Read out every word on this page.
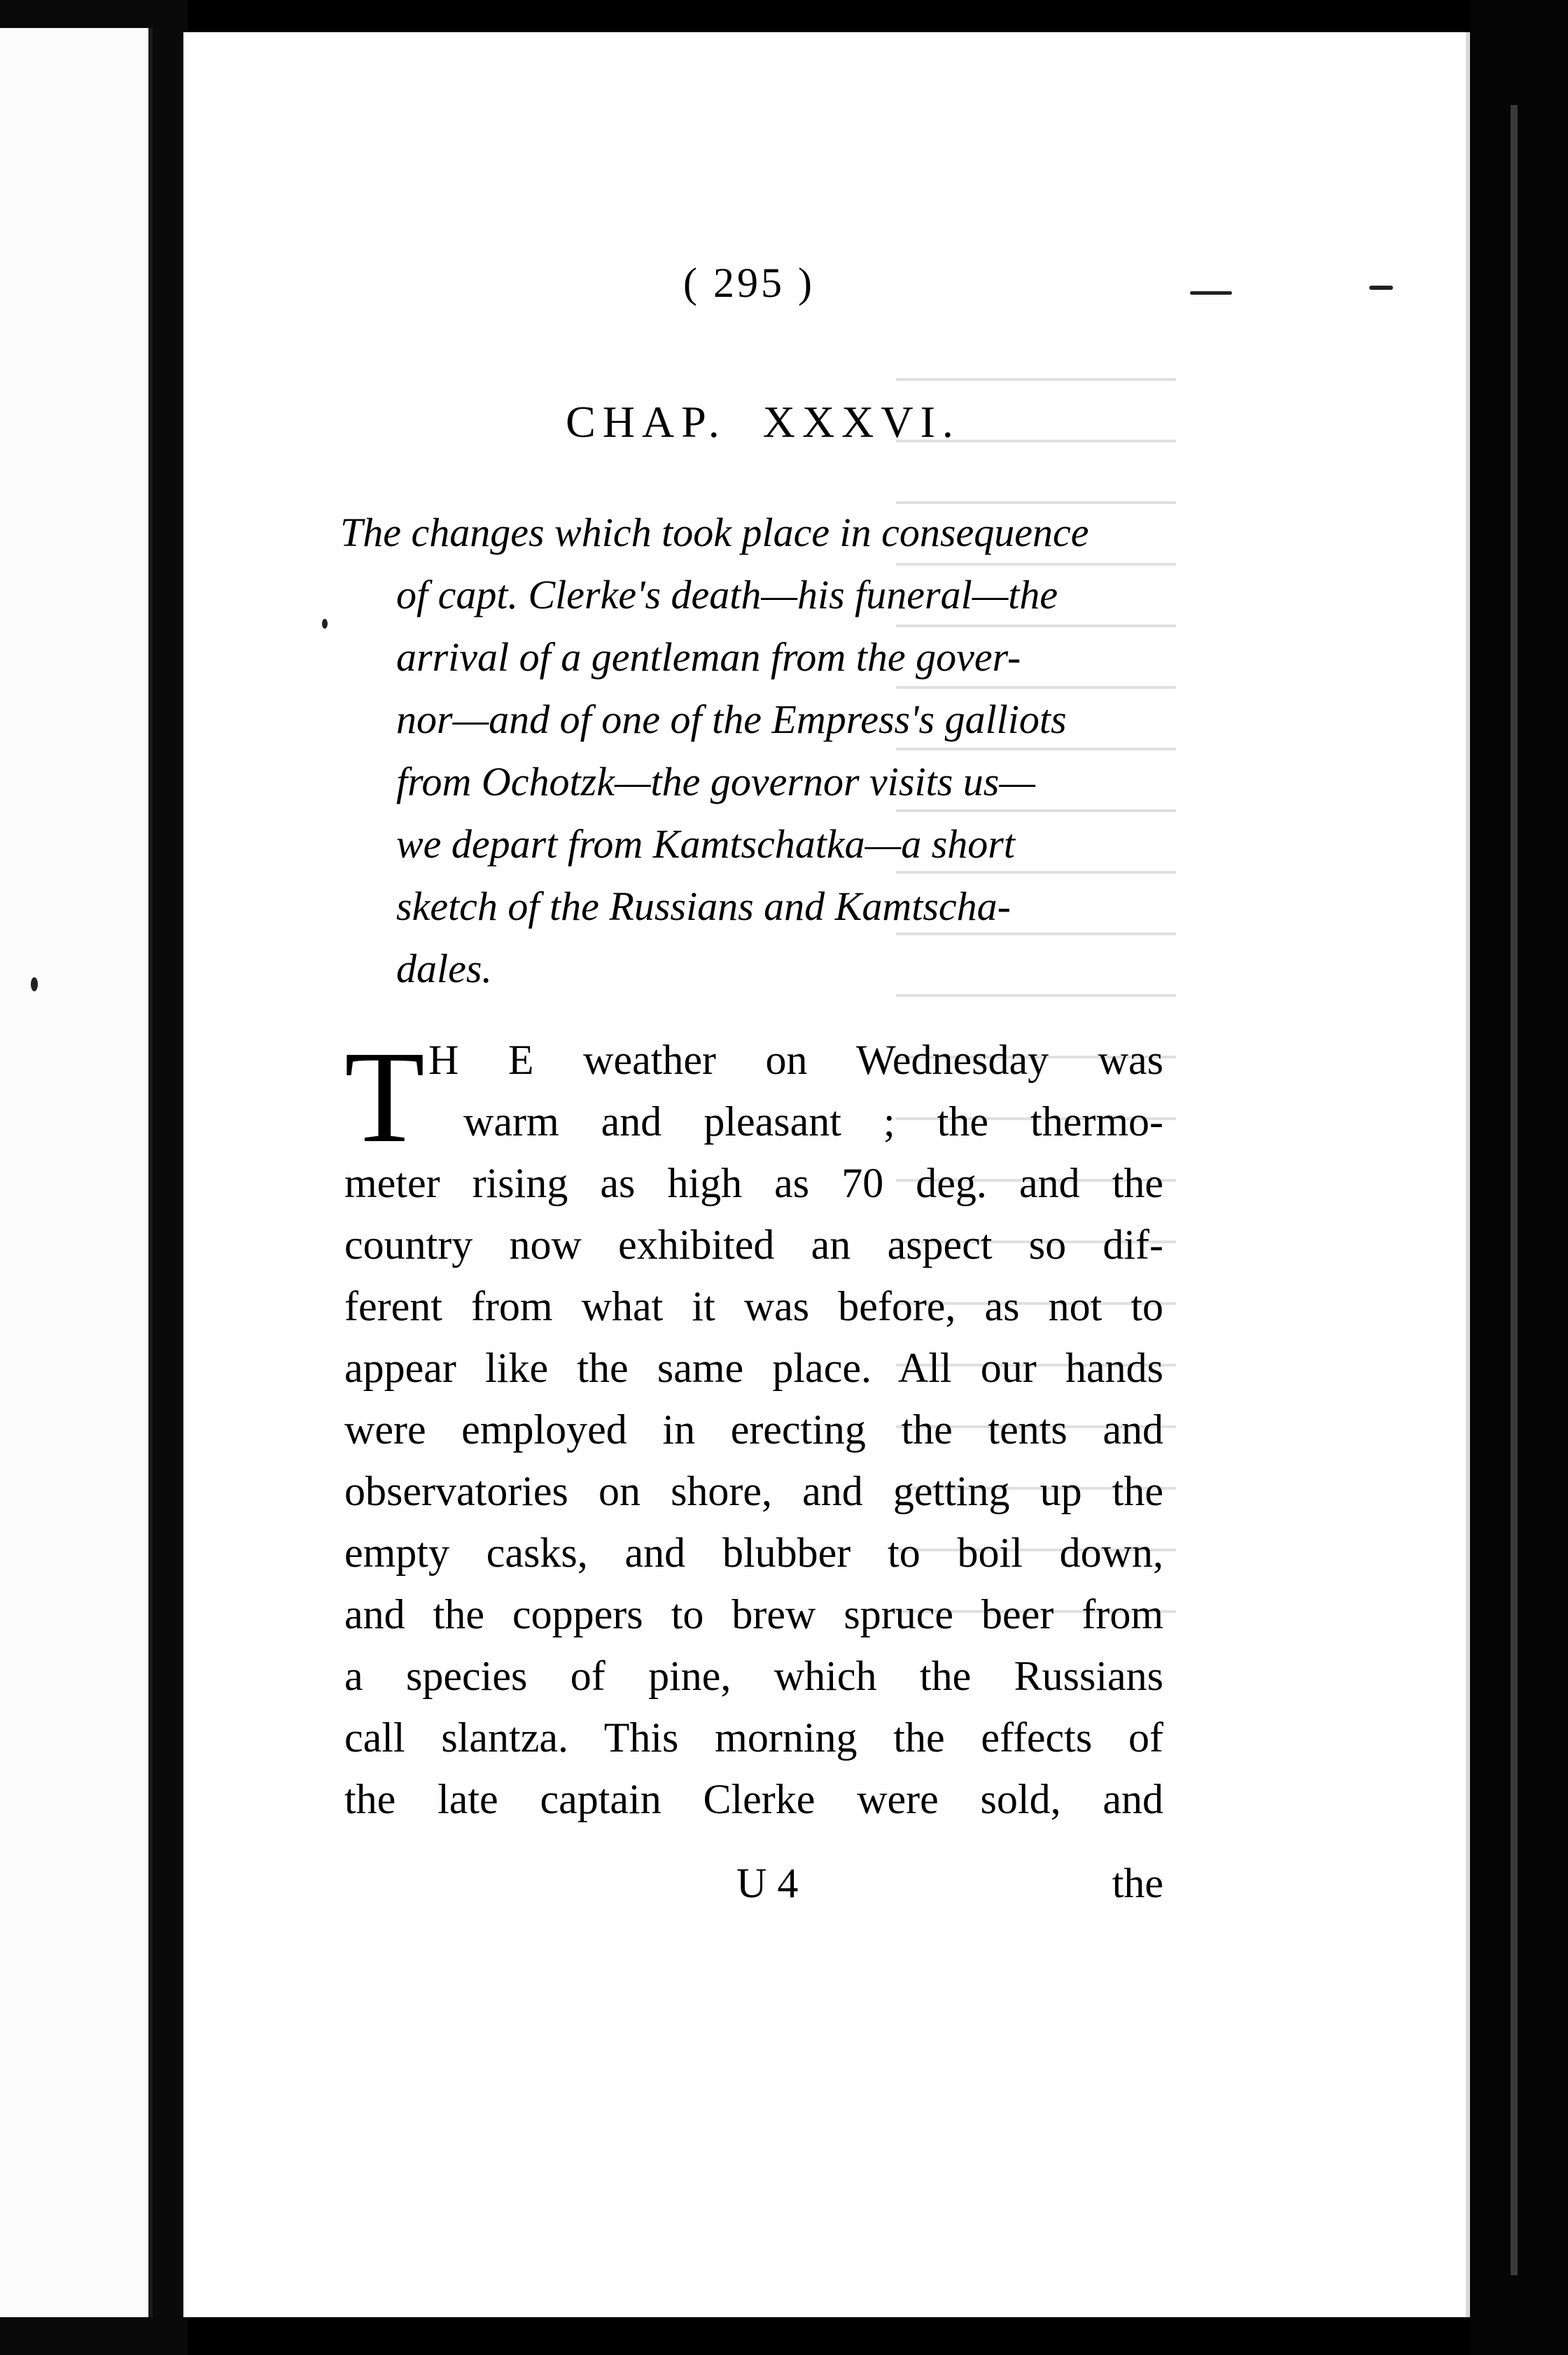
( 295 )
CHAP.  XXXVI.
The changes which took place in consequence
of capt. Clerke's death—his funeral—the
arrival of a gentleman from the gover-
nor—and of one of the Empress's galliots
from Ochotzk—the governor visits us—
we depart from Kamtschatka—a short
sketch of the Russians and Kamtscha-
dales.
T H E weather on Wednesday was
warm and pleasant ; the thermo-
meter rising as high as 70 deg. and the
country now exhibited an aspect so dif-
ferent from what it was before, as not to
appear like the same place. All our hands
were employed in erecting the tents and
observatories on shore, and getting up the
empty casks, and blubber to boil down,
and the coppers to brew spruce beer from
a species of pine, which the Russians
call slantza. This morning the effects of
the late captain Clerke were sold, and
U 4	the
